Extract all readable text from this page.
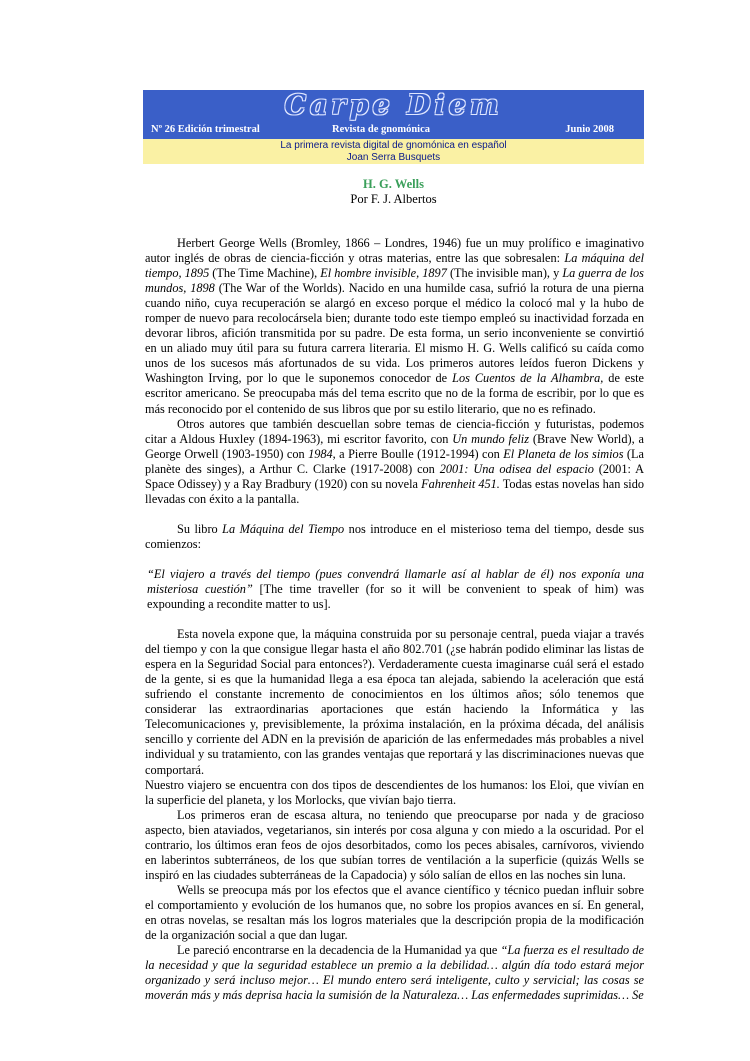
Carpe Diem
Nº 26 Edición trimestral	Revista de gnomónica	Junio 2008
La primera revista digital de gnomónica en español
Joan Serra Busquets
H. G. Wells
Por F. J. Albertos

Herbert George Wells (Bromley, 1866 – Londres, 1946) fue un muy prolífico e imaginativo autor inglés de obras de ciencia-ficción y otras materias, entre las que sobresalen: La máquina del tiempo, 1895 (The Time Machine), El hombre invisible, 1897 (The invisible man), y La guerra de los mundos, 1898 (The War of the Worlds). Nacido en una humilde casa, sufrió la rotura de una pierna cuando niño, cuya recuperación se alargó en exceso porque el médico la colocó mal y la hubo de romper de nuevo para recolocársela bien; durante todo este tiempo empleó su inactividad forzada en devorar libros, afición transmitida por su padre. De esta forma, un serio inconveniente se convirtió en un aliado muy útil para su futura carrera literaria. El mismo H. G. Wells calificó su caída como unos de los sucesos más afortunados de su vida. Los primeros autores leídos fueron Dickens y Washington Irving, por lo que le suponemos conocedor de Los Cuentos de la Alhambra, de este escritor americano. Se preocupaba más del tema escrito que no de la forma de escribir, por lo que es más reconocido por el contenido de sus libros que por su estilo literario, que no es refinado.

Otros autores que también descuellan sobre temas de ciencia-ficción y futuristas, podemos citar a Aldous Huxley (1894-1963), mi escritor favorito, con Un mundo feliz (Brave New World), a George Orwell (1903-1950) con 1984, a Pierre Boulle (1912-1994) con El Planeta de los simios (La planète des singes), a Arthur C. Clarke (1917-2008) con 2001: Una odisea del espacio (2001: A Space Odissey) y a Ray Bradbury (1920) con su novela Fahrenheit 451. Todas estas novelas han sido llevadas con éxito a la pantalla.

Su libro La Máquina del Tiempo nos introduce en el misterioso tema del tiempo, desde sus comienzos:

“El viajero a través del tiempo (pues convendrá llamarle así al hablar de él) nos exponía una misteriosa cuestión” [The time traveller (for so it will be convenient to speak of him) was expounding a recondite matter to us].

Esta novela expone que, la máquina construida por su personaje central, pueda viajar a través del tiempo y con la que consigue llegar hasta el año 802.701 (¿se habrán podido eliminar las listas de espera en la Seguridad Social para entonces?). Verdaderamente cuesta imaginarse cuál será el estado de la gente, si es que la humanidad llega a esa época tan alejada, sabiendo la aceleración que está sufriendo el constante incremento de conocimientos en los últimos años; sólo tenemos que considerar las extraordinarias aportaciones que están haciendo la Informática y las Telecomunicaciones y, previsiblemente, la próxima instalación, en la próxima década, del análisis sencillo y corriente del ADN en la previsión de aparición de las enfermedades más probables a nivel individual y su tratamiento, con las grandes ventajas que reportará y las discriminaciones nuevas que comportará.

Nuestro viajero se encuentra con dos tipos de descendientes de los humanos: los Eloi, que vivían en la superficie del planeta, y los Morlocks, que vivían bajo tierra.

Los primeros eran de escasa altura, no teniendo que preocuparse por nada y de gracioso aspecto, bien ataviados, vegetarianos, sin interés por cosa alguna y con miedo a la oscuridad. Por el contrario, los últimos eran feos de ojos desorbitados, como los peces abisales, carnívoros, viviendo en laberintos subterráneos, de los que subían torres de ventilación a la superficie (quizás Wells se inspiró en las ciudades subterráneas de la Capadocia) y sólo salían de ellos en las noches sin luna.

Wells se preocupa más por los efectos que el avance científico y técnico puedan influir sobre el comportamiento y evolución de los humanos que, no sobre los propios avances en sí. En general, en otras novelas, se resaltan más los logros materiales que la descripción propia de la modificación de la organización social a que dan lugar.

Le pareció encontrarse en la decadencia de la Humanidad ya que “La fuerza es el resultado de la necesidad y que la seguridad establece un premio a la debilidad… algún día todo estará mejor organizado y será incluso mejor… El mundo entero será inteligente, culto y servicial; las cosas se moverán más y más deprisa hacia la sumisión de la Naturaleza… Las enfermedades suprimidas… Se
